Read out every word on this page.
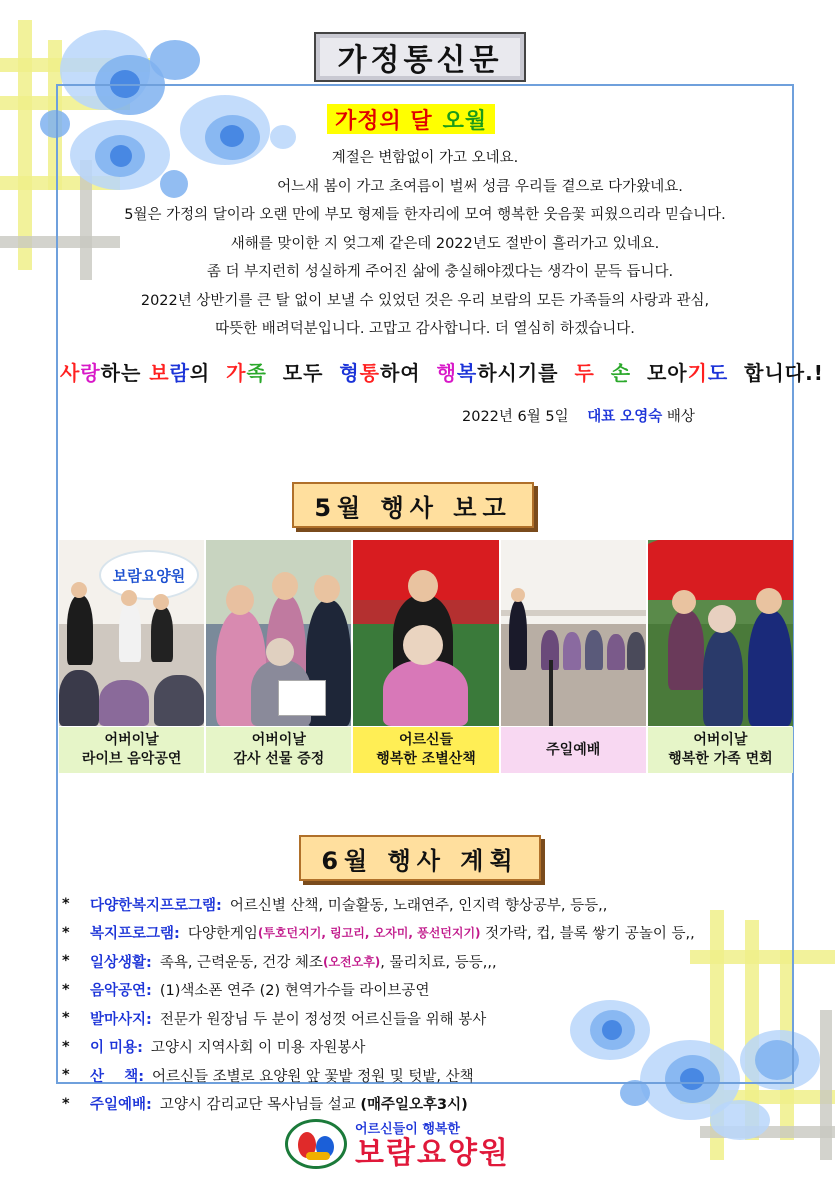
가정통신문
가정의 달 오월

계절은 변함없이 가고 오네요.

어느새 봄이 가고 초여름이 벌써 성큼 우리들 곁으로 다가왔네요.

5월은 가정의 달이라 오랜 만에 부모 형제들 한자리에 모여 행복한 웃음꽃 피웠으리라 믿습니다.

새해를 맞이한 지 엊그제 같은데 2022년도 절반이 흘러가고 있네요.

좀 더 부지런히 성실하게 주어진 삶에 충실해야겠다는 생각이 문득 듭니다.

2022년 상반기를 큰 탈 없이 보낼 수 있었던 것은 우리 보람의 모든 가족들의 사랑과 관심,

따뜻한 배려덕분입니다. 고맙고 감사합니다. 더 열심히 하겠습니다.

사랑하는 보람의  가족  모두  형통하여  행복하시기를  두  손  모아기도  합니다.!
2022년 6월 5일 대표 오영숙 배상
5월 행사 보고
보람요양원
어버이날
라이브 음악공연
어버이날
감사 선물 증정
어르신들
행복한 조별산책
주일예배
어버이날
행복한 가족 면회
6월 행사 계획
*	다양한복지프로그램: 어르신별 산책, 미술활동, 노래연주, 인지력 향상공부, 등등,,
*	복지프로그램: 다양한게임 (투호던지기, 링고리, 오자미, 풍선던지기) 젓가락, 컵, 블록 쌓기 공놀이 등,,
*	일상생활: 족욕, 근력운동, 건강 체조 (오전오후) , 물리치료, 등등,,,
*	음악공연: (1)색소폰 연주 (2) 현역가수들 라이브공연
*	발마사지: 전문가 원장님 두 분이 정성껏 어르신들을 위해 봉사
*	이 미용: 고양시 지역사회 이 미용 자원봉사
*	산    책: 어르신들 조별로 요양원 앞 꽃밭 정원 및 텃밭, 산책
*	주일예배: 고양시 감리교단 목사님들 설교 (매주일오후3시)
어르신들이 행복한
보람요양원
